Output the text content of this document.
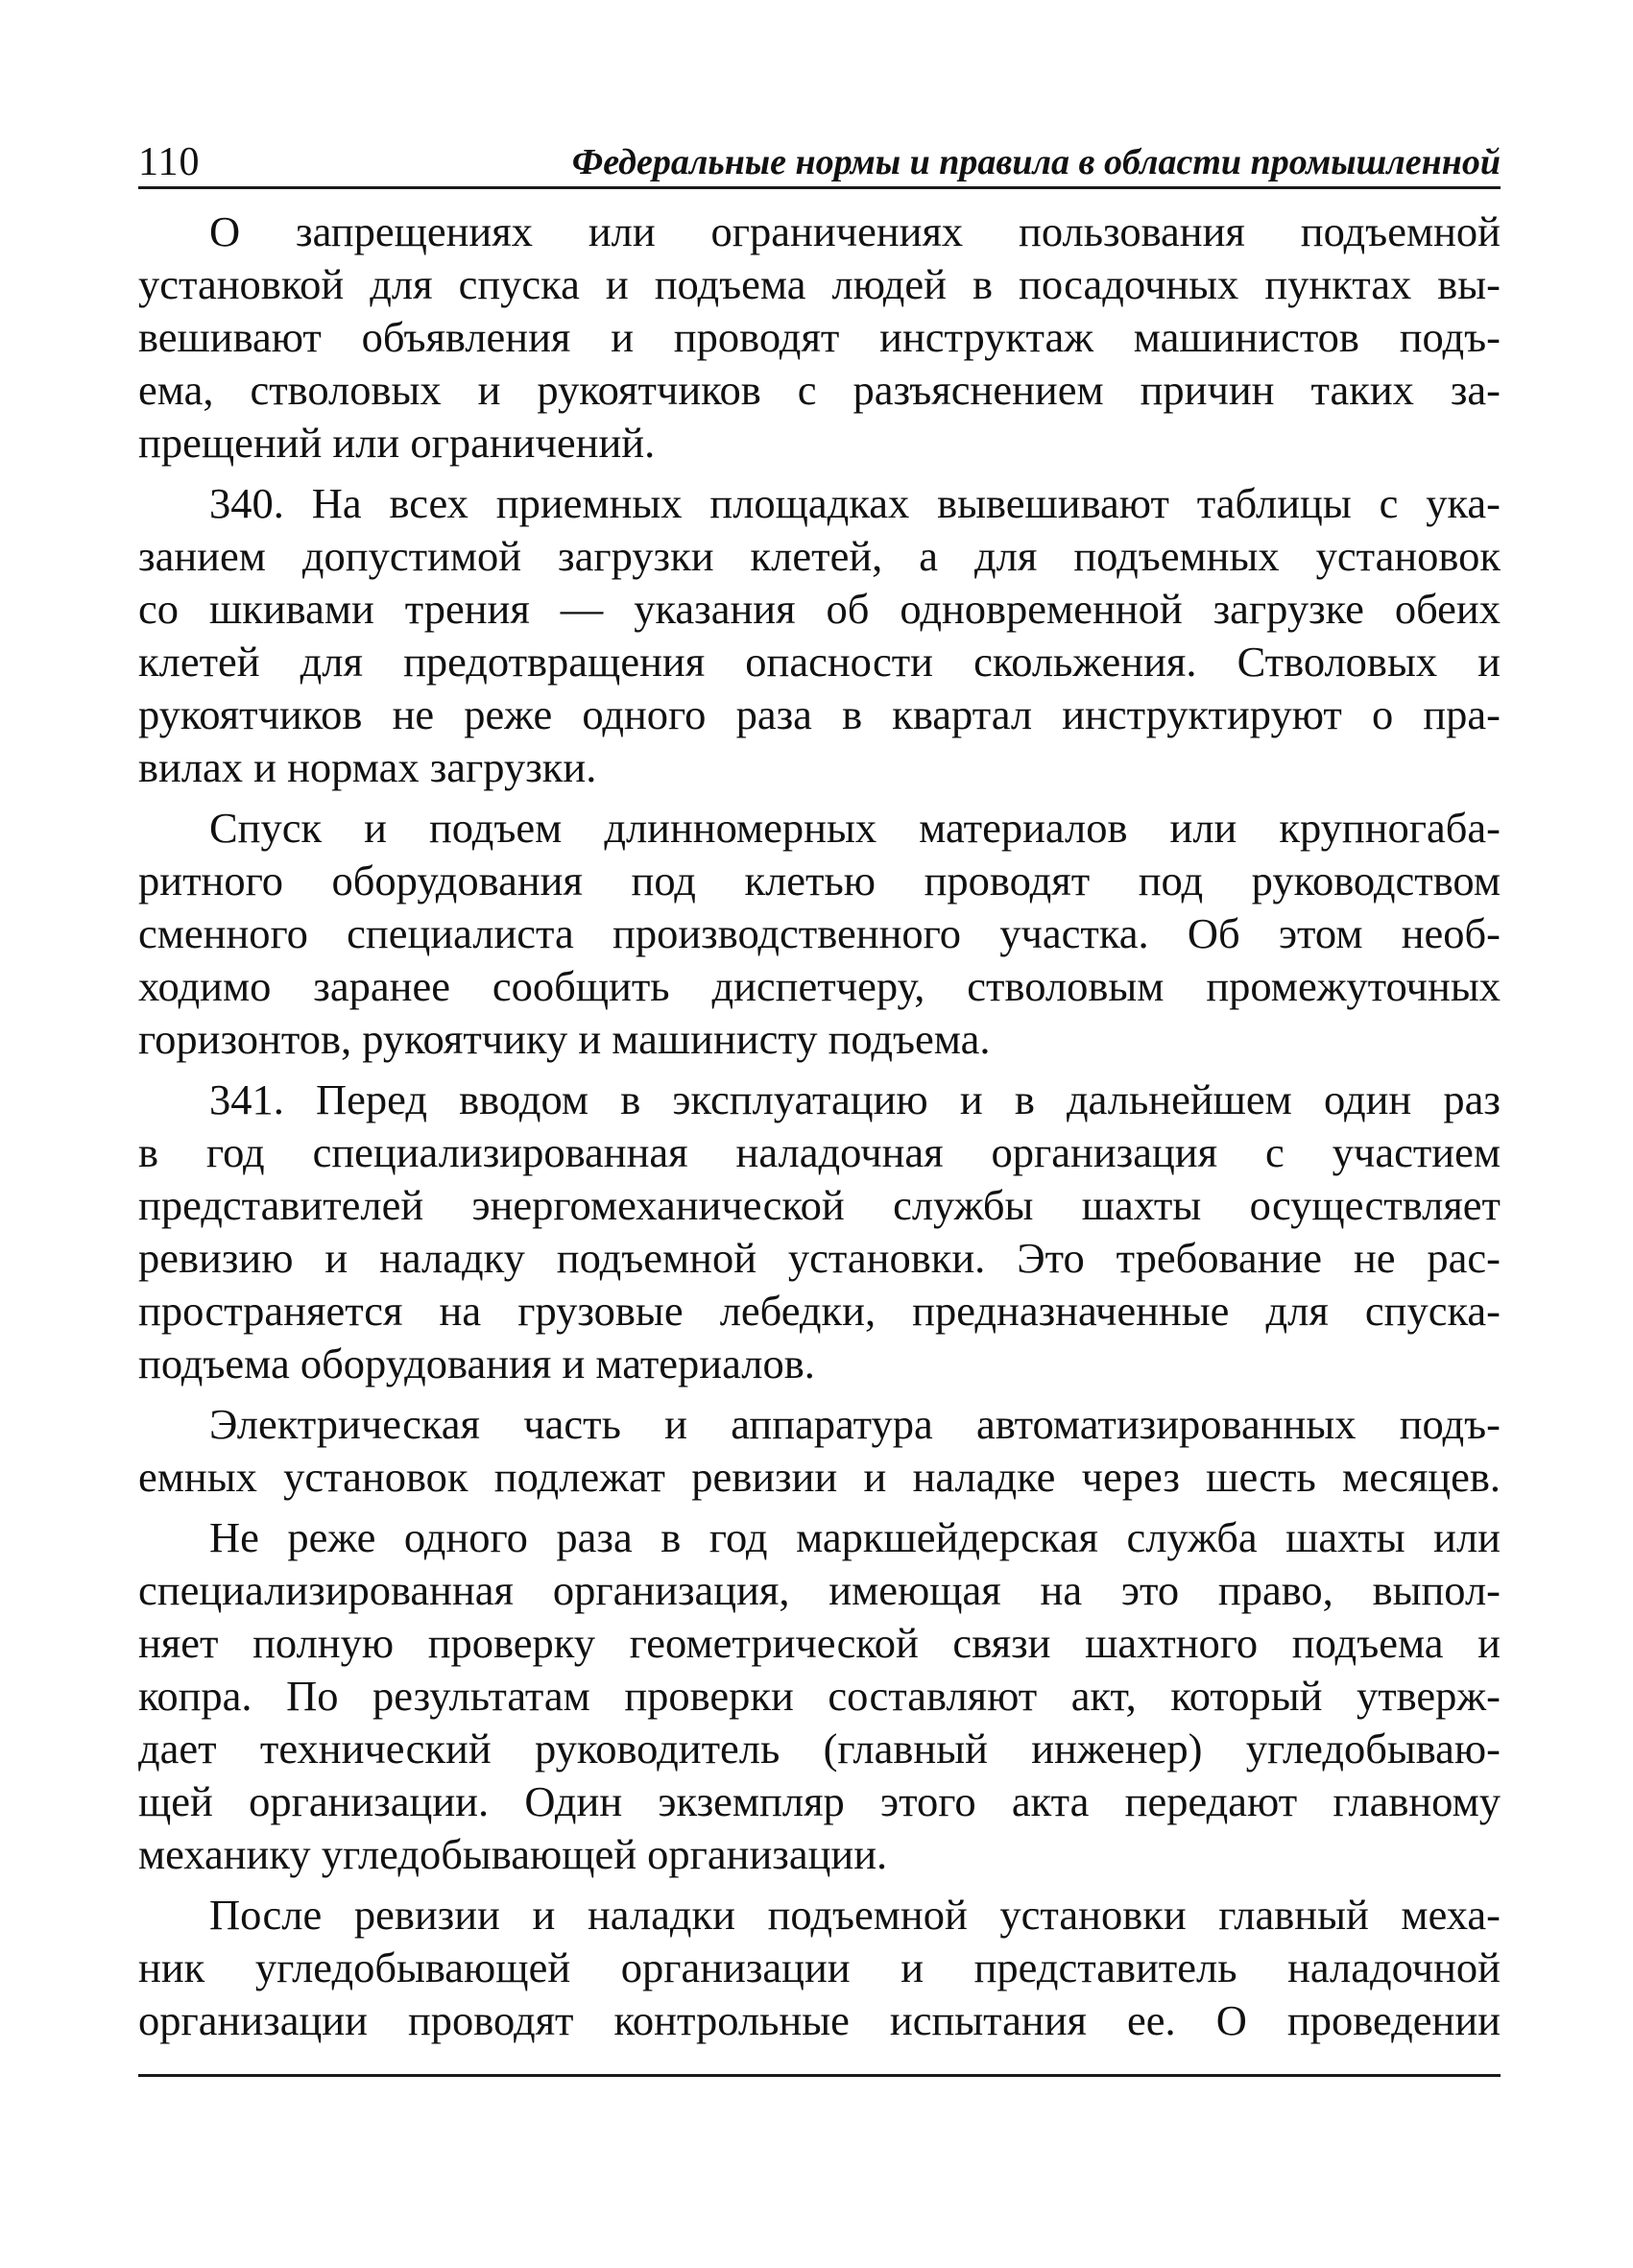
110	Федеральные нормы и правила в области промышленной
О запрещениях или ограничениях пользования подъемной
установкой для спуска и подъема людей в посадочных пунктах вы-
вешивают объявления и проводят инструктаж машинистов подъ-
ема, стволовых и рукоятчиков с разъяснением причин таких за-
прещений или ограничений.
340. На всех приемных площадках вывешивают таблицы с ука-
занием допустимой загрузки клетей, а для подъемных установок
со шкивами трения — указания об одновременной загрузке обеих
клетей для предотвращения опасности скольжения. Стволовых и
рукоятчиков не реже одного раза в квартал инструктируют о пра-
вилах и нормах загрузки.
Спуск и подъем длинномерных материалов или крупногаба-
ритного оборудования под клетью проводят под руководством
сменного специалиста производственного участка. Об этом необ-
ходимо заранее сообщить диспетчеру, стволовым промежуточных
горизонтов, рукоятчику и машинисту подъема.
341. Перед вводом в эксплуатацию и в дальнейшем один раз
в год специализированная наладочная организация с участием
представителей энергомеханической службы шахты осуществляет
ревизию и наладку подъемной установки. Это требование не рас-
пространяется на грузовые лебедки, предназначенные для спуска-
подъема оборудования и материалов.
Электрическая часть и аппаратура автоматизированных подъ-
емных установок подлежат ревизии и наладке через шесть месяцев.
Не реже одного раза в год маркшейдерская служба шахты или
специализированная организация, имеющая на это право, выпол-
няет полную проверку геометрической связи шахтного подъема и
копра. По результатам проверки составляют акт, который утверж-
дает технический руководитель (главный инженер) угледобываю-
щей организации. Один экземпляр этого акта передают главному
механику угледобывающей организации.
После ревизии и наладки подъемной установки главный меха-
ник угледобывающей организации и представитель наладочной
организации проводят контрольные испытания ее. О проведении
